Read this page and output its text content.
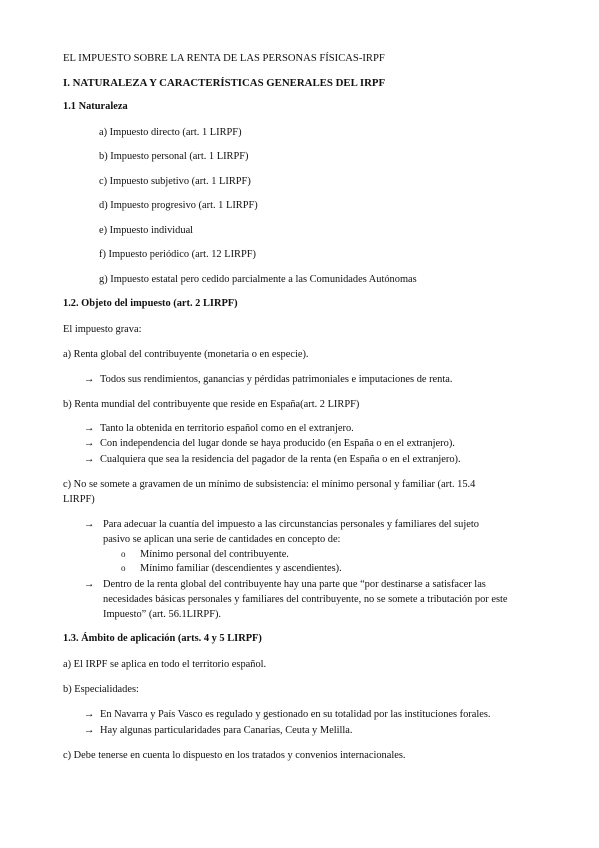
EL IMPUESTO SOBRE LA RENTA DE LAS PERSONAS FÍSICAS-IRPF
I. NATURALEZA Y CARACTERÍSTICAS GENERALES DEL IRPF
1.1 Naturaleza
a) Impuesto directo (art. 1 LIRPF)
b) Impuesto personal (art. 1 LIRPF)
c) Impuesto subjetivo (art. 1 LIRPF)
d) Impuesto progresivo (art. 1 LIRPF)
e) Impuesto individual
f) Impuesto periódico (art. 12 LIRPF)
g) Impuesto estatal pero cedido parcialmente a las Comunidades Autónomas
1.2. Objeto del impuesto (art. 2 LIRPF)
El impuesto grava:
a) Renta global del contribuyente (monetaria o en especie).
→ Todos sus rendimientos, ganancias y pérdidas patrimoniales e imputaciones de renta.
b) Renta mundial del contribuyente que reside en España(art. 2 LIRPF)
→ Tanto la obtenida en territorio español como en el extranjero.
→ Con independencia del lugar donde se haya producido (en España o en el extranjero).
→ Cualquiera que sea la residencia del pagador de la renta (en España o en el extranjero).
c) No se somete a gravamen de un mínimo de subsistencia: el mínimo personal y familiar (art. 15.4
LIRPF)
→ Para adecuar la cuantía del impuesto a las circunstancias personales y familiares del sujeto
pasivo se aplican una serie de cantidades en concepto de:
o Mínimo personal del contribuyente.
o Mínimo familiar (descendientes y ascendientes).
→ Dentro de la renta global del contribuyente hay una parte que “por destinarse a satisfacer las
necesidades básicas personales y familiares del contribuyente, no se somete a tributación por este
Impuesto” (art. 56.1LIRPF).
1.3. Ámbito de aplicación (arts. 4 y 5 LIRPF)
a) El IRPF se aplica en todo el territorio español.
b) Especialidades:
→ En Navarra y País Vasco es regulado y gestionado en su totalidad por las instituciones forales.
→ Hay algunas particularidades para Canarias, Ceuta y Melilla.
c) Debe tenerse en cuenta lo dispuesto en los tratados y convenios internacionales.
